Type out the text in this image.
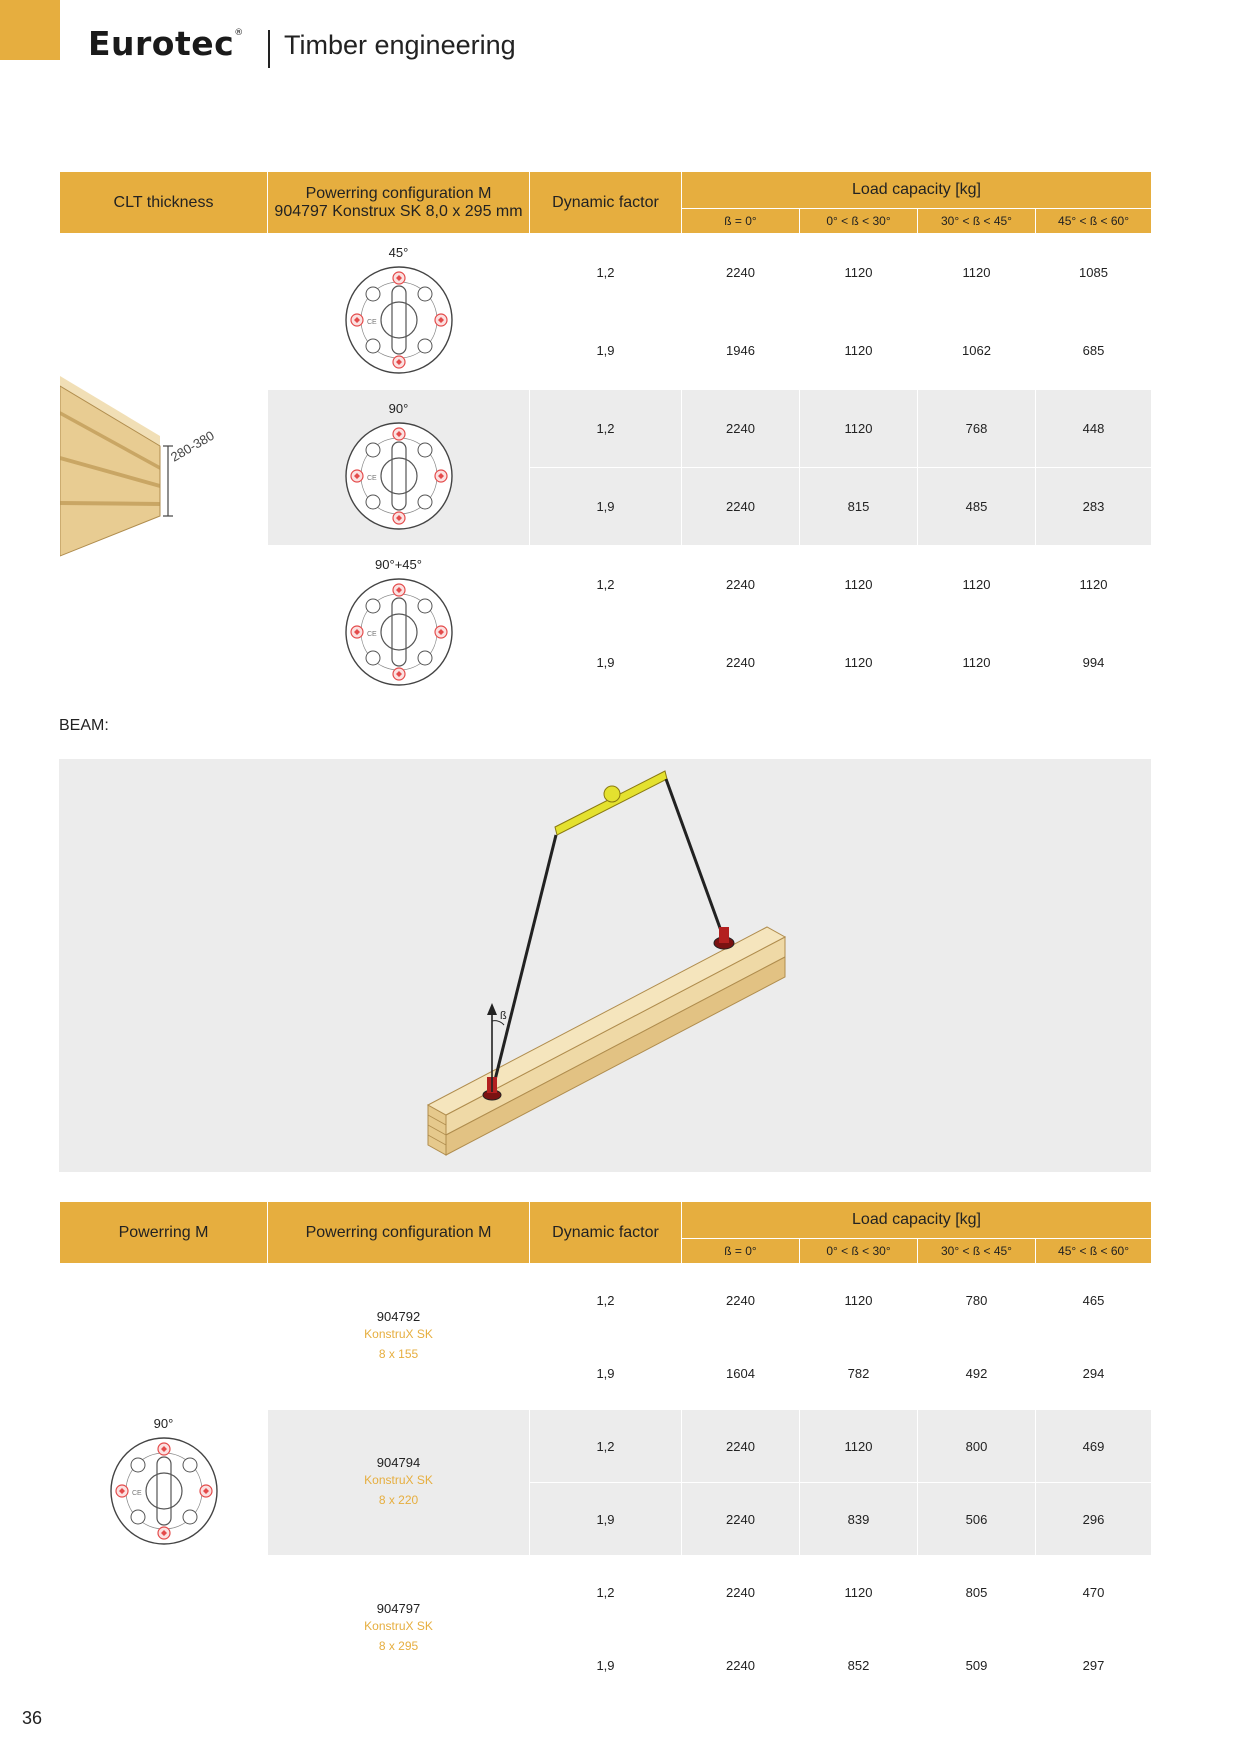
Eurotec® Timber engineering
CLT thickness	Powerring configuration M
904797 Konstrux SK 8,0 x 295 mm	Dynamic factor	Load capacity [kg]			
			ß = 0°	0° < ß < 30°	30° < ß < 45°	45° < ß < 60°

280-380	45°	1,2	2240	1120	1120	1085
		1,9	1946	1120	1062	685

	90°	1,2	2240	1120	768	448
		1,9	2240	815	485	283

	90°+45°	1,2	2240	1120	1120	1120
		1,9	2240	1120	1120	994
BEAM:
ß
Powerring M	Powerring configuration M	Dynamic factor	Load capacity [kg]			
			ß = 0°	0° < ß < 30°	30° < ß < 45°	45° < ß < 60°

90°	904792
KonstruX SK
8 x 155	1,2	2240	1120	780	465
		1,9	1604	782	492	294

	904794
KonstruX SK
8 x 220	1,2	2240	1120	800	469
		1,9	2240	839	506	296

	904797
KonstruX SK
8 x 295	1,2	2240	1120	805	470
		1,9	2240	852	509	297
36
